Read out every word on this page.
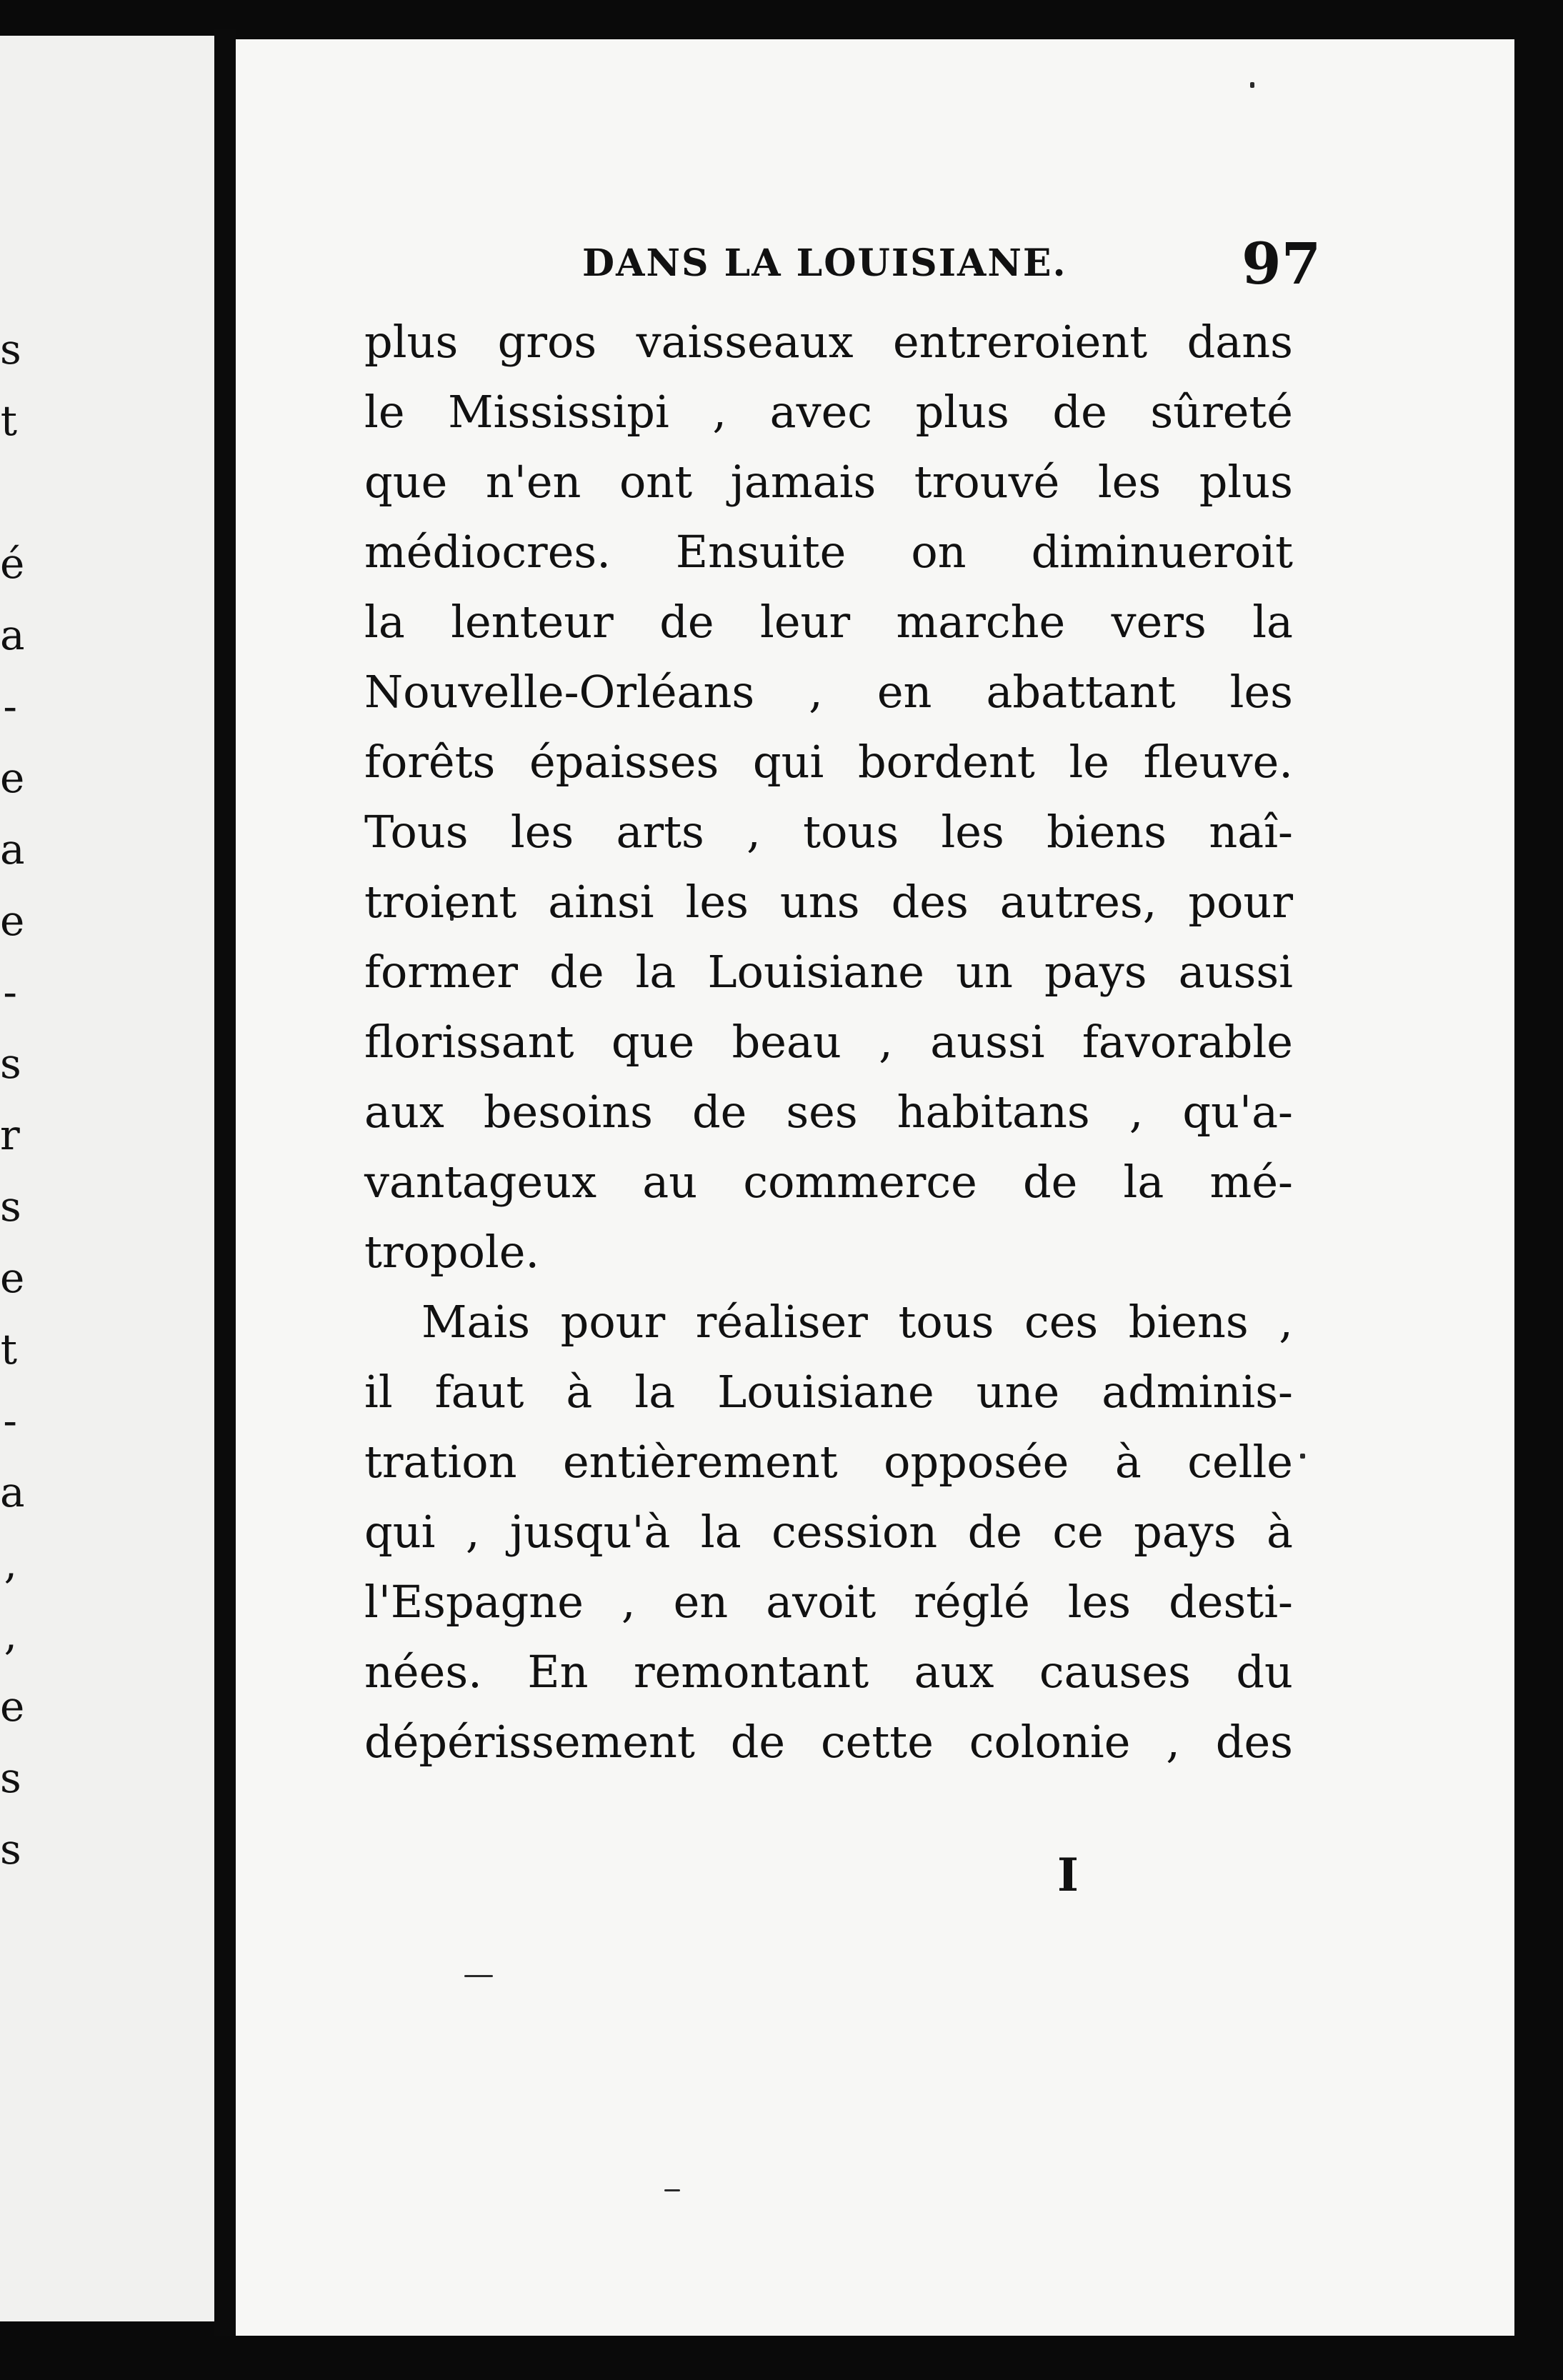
s
t
é
a
-
e
a
e
-
s
r
s
e
t
-
a
,
,
e
s
s
DANS LA LOUISIANE.	97
plus gros vaisseaux entreroient dans
le Mississipi , avec plus de sûreté
que n'en ont jamais trouvé les plus
médiocres. Ensuite on diminueroit
la lenteur de leur marche vers la
Nouvelle-Orléans , en abattant les
forêts épaisses qui bordent le fleuve.
Tous les arts , tous les biens naî-
troient ainsi les uns des autres, pour
former de la Louisiane un pays aussi
florissant que beau , aussi favorable
aux besoins de ses habitans , qu'a-
vantageux au commerce de la mé-
tropole.
Mais pour réaliser tous ces biens ,
il faut à la Louisiane une adminis-
tration entièrement opposée à celle
qui , jusqu'à la cession de ce pays à
l'Espagne , en avoit réglé les desti-
nées. En remontant aux causes du
dépérissement de cette colonie , des
I
